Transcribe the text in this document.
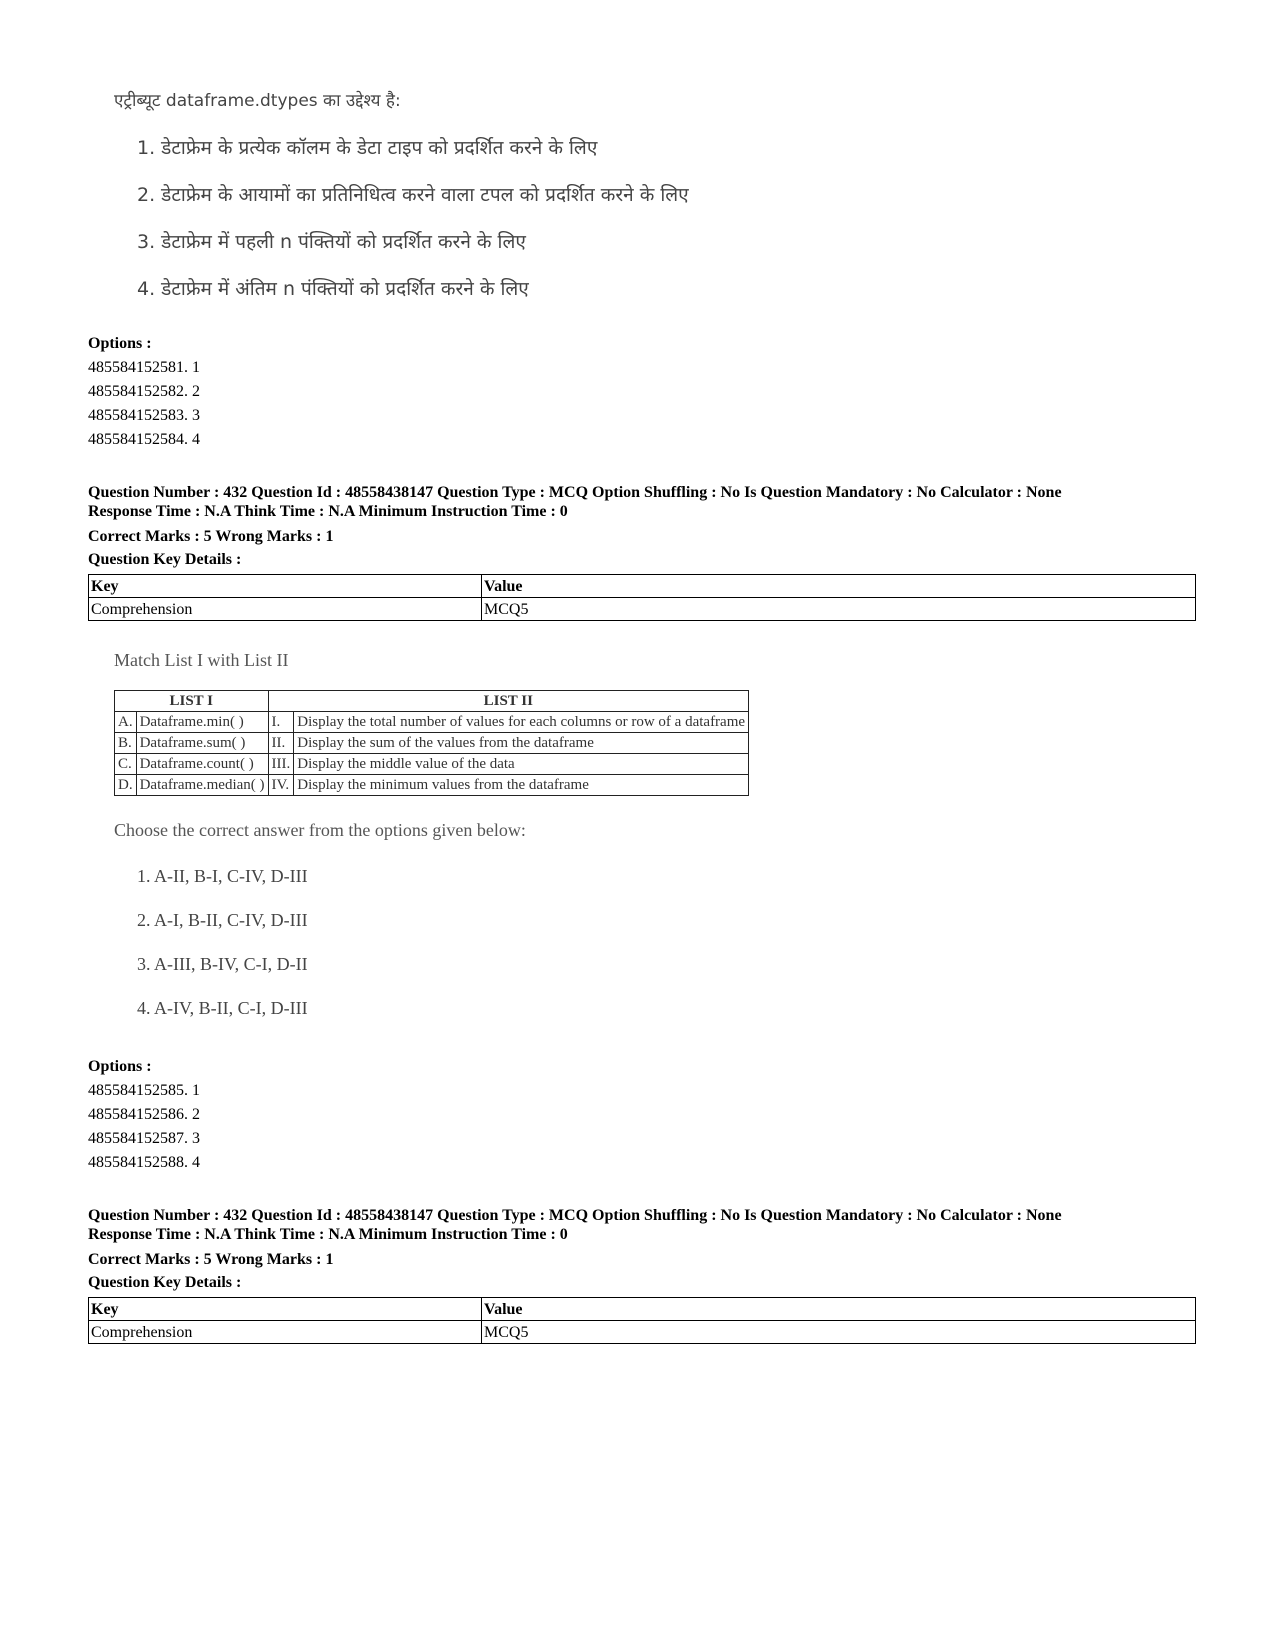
एट्रीब्यूट dataframe.dtypes का उद्देश्य है:
1. डेटाफ्रेम के प्रत्येक कॉलम के डेटा टाइप को प्रदर्शित करने के लिए
2. डेटाफ्रेम के आयामों का प्रतिनिधित्व करने वाला टपल को प्रदर्शित करने के लिए
3. डेटाफ्रेम में पहली n पंक्तियों को प्रदर्शित करने के लिए
4. डेटाफ्रेम में अंतिम n पंक्तियों को प्रदर्शित करने के लिए
Options :
485584152581. 1
485584152582. 2
485584152583. 3
485584152584. 4
Question Number : 432 Question Id : 48558438147 Question Type : MCQ Option Shuffling : No Is Question Mandatory : No Calculator : None
Response Time : N.A Think Time : N.A Minimum Instruction Time : 0
Correct Marks : 5 Wrong Marks : 1
Question Key Details :
Key	Value
Comprehension	MCQ5
Match List I with List II
LIST I		LIST II	
A.	Dataframe.min( )	I.	Display the total number of values for each columns or row of a dataframe
B.	Dataframe.sum( )	II.	Display the sum of the values from the dataframe
C.	Dataframe.count( )	III.	Display the middle value of the data
D.	Dataframe.median( )	IV.	Display the minimum values from the dataframe
Choose the correct answer from the options given below:
1. A-II, B-I, C-IV, D-III
2. A-I, B-II, C-IV, D-III
3. A-III, B-IV, C-I, D-II
4. A-IV, B-II, C-I, D-III
Options :
485584152585. 1
485584152586. 2
485584152587. 3
485584152588. 4
Question Number : 432 Question Id : 48558438147 Question Type : MCQ Option Shuffling : No Is Question Mandatory : No Calculator : None
Response Time : N.A Think Time : N.A Minimum Instruction Time : 0
Correct Marks : 5 Wrong Marks : 1
Question Key Details :
Key	Value
Comprehension	MCQ5
